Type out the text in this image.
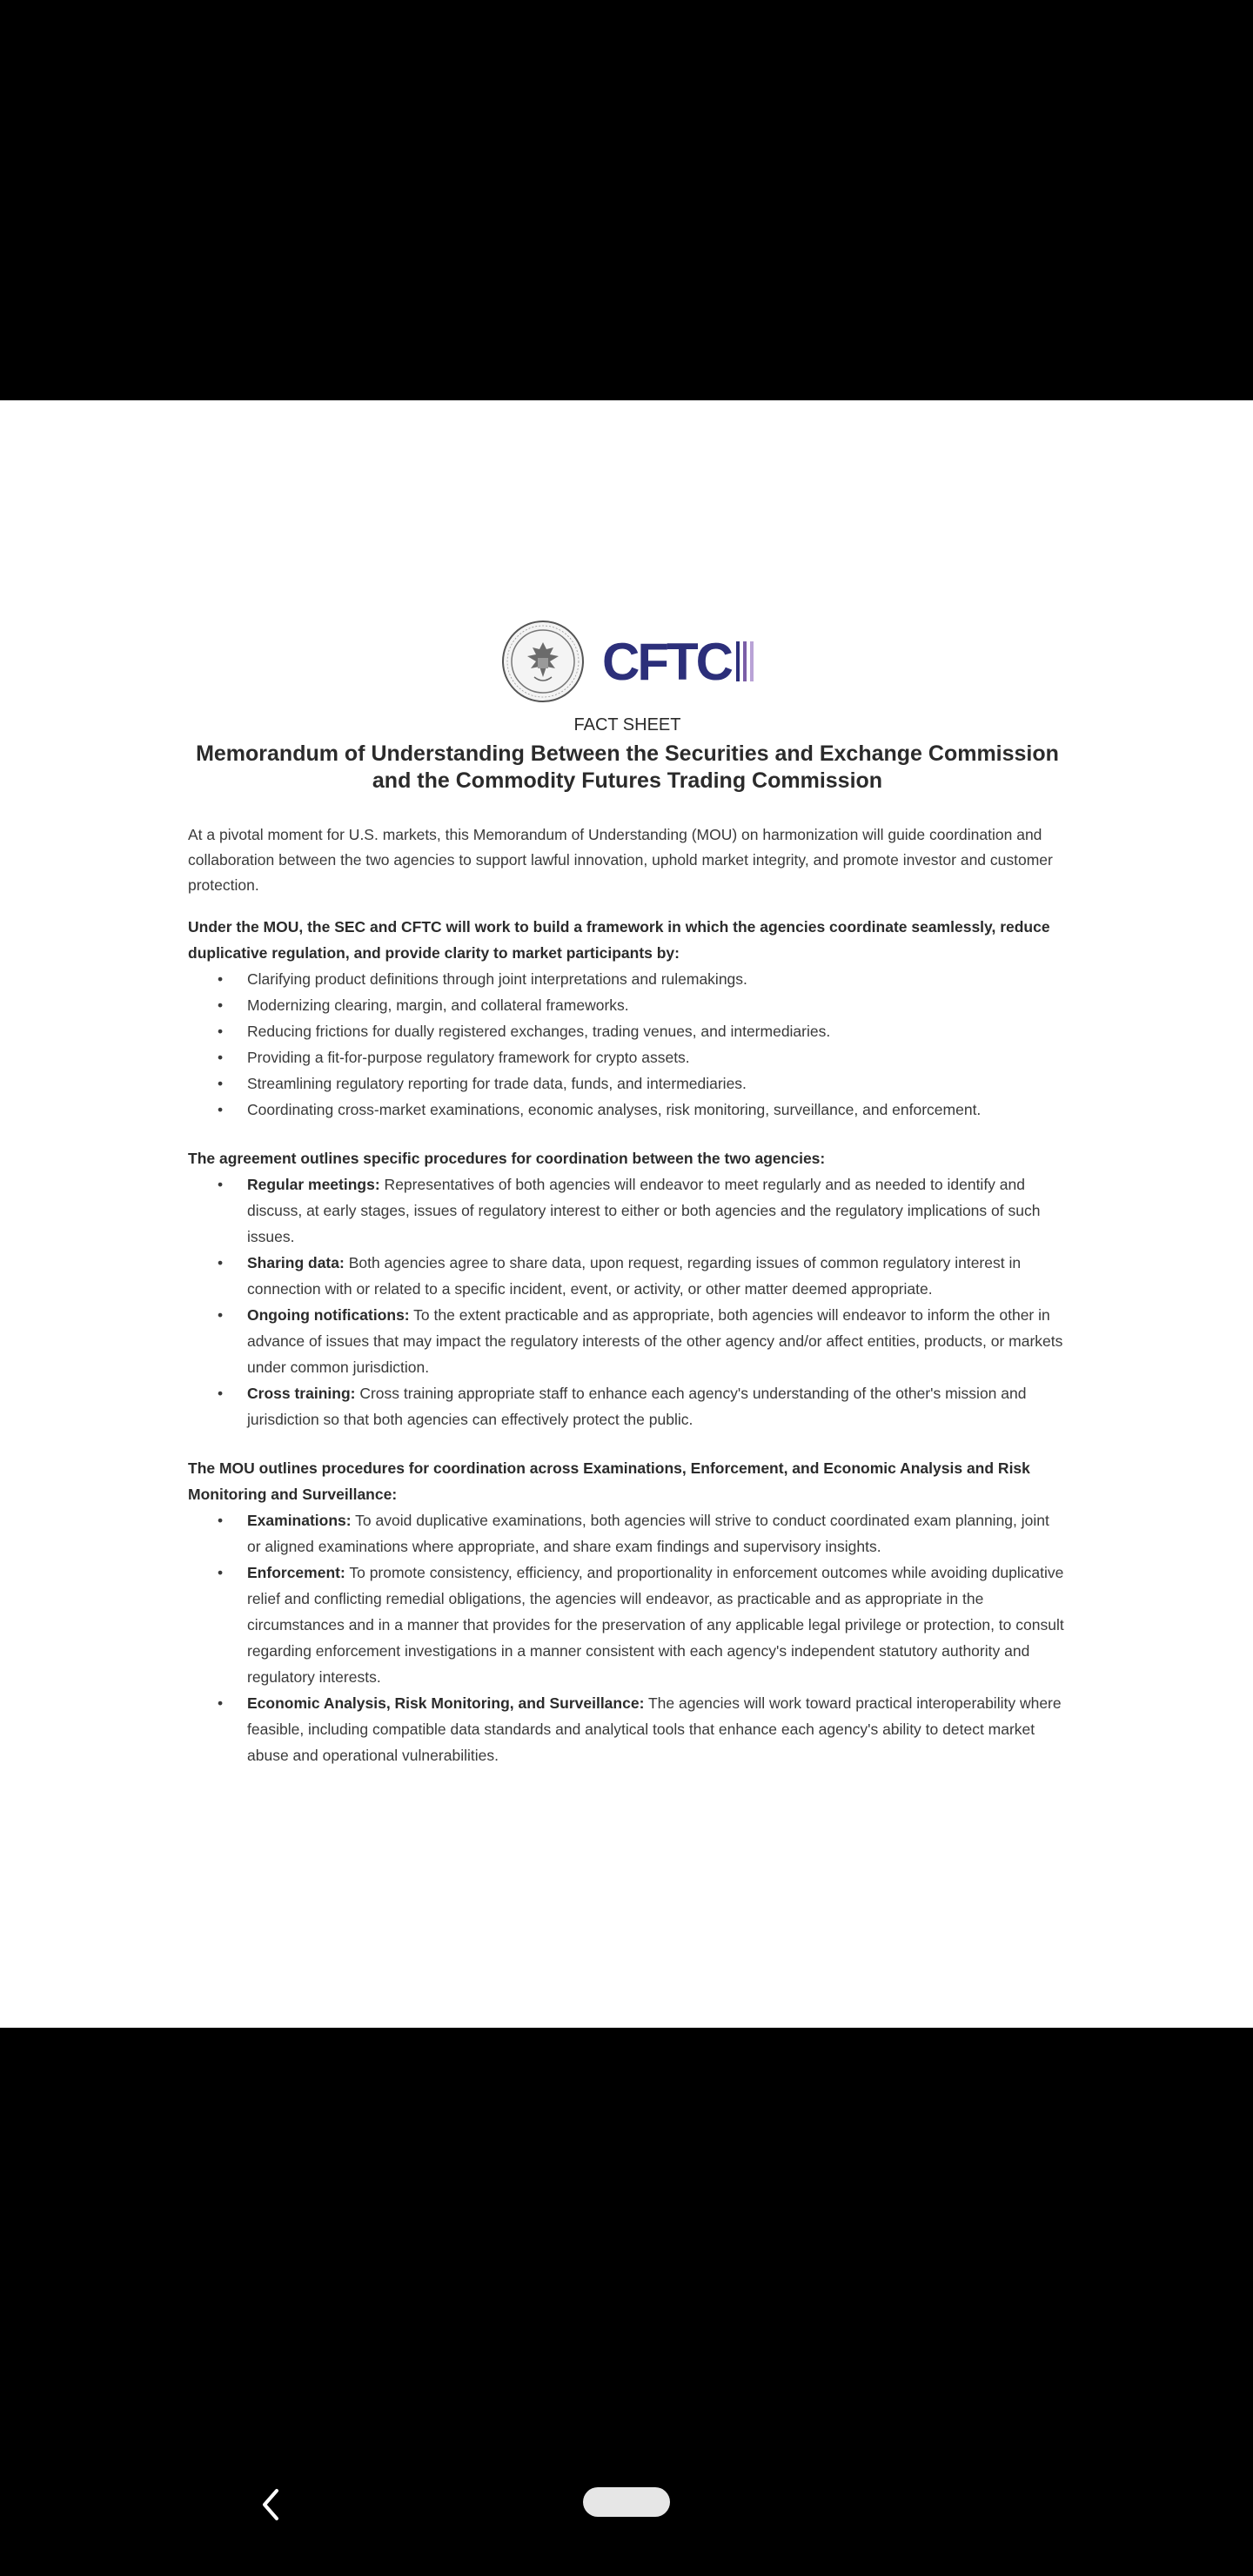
CFTC
FACT SHEET
Memorandum of Understanding Between the Securities and Exchange Commission
and the Commodity Futures Trading Commission
At a pivotal moment for U.S. markets, this Memorandum of Understanding (MOU) on harmonization will guide coordination and collaboration between the two agencies to support lawful innovation, uphold market integrity, and promote investor and customer protection.
Under the MOU, the SEC and CFTC will work to build a framework in which the agencies coordinate seamlessly, reduce duplicative regulation, and provide clarity to market participants by:
• Clarifying product definitions through joint interpretations and rulemakings.
• Modernizing clearing, margin, and collateral frameworks.
• Reducing frictions for dually registered exchanges, trading venues, and intermediaries.
• Providing a fit-for-purpose regulatory framework for crypto assets.
• Streamlining regulatory reporting for trade data, funds, and intermediaries.
• Coordinating cross-market examinations, economic analyses, risk monitoring, surveillance, and enforcement.
The agreement outlines specific procedures for coordination between the two agencies:
• Regular meetings: Representatives of both agencies will endeavor to meet regularly and as needed to identify and discuss, at early stages, issues of regulatory interest to either or both agencies and the regulatory implications of such issues.
• Sharing data: Both agencies agree to share data, upon request, regarding issues of common regulatory interest in connection with or related to a specific incident, event, or activity, or other matter deemed appropriate.
• Ongoing notifications: To the extent practicable and as appropriate, both agencies will endeavor to inform the other in advance of issues that may impact the regulatory interests of the other agency and/or affect entities, products, or markets under common jurisdiction.
• Cross training: Cross training appropriate staff to enhance each agency's understanding of the other's mission and jurisdiction so that both agencies can effectively protect the public.
The MOU outlines procedures for coordination across Examinations, Enforcement, and Economic Analysis and Risk Monitoring and Surveillance:
• Examinations: To avoid duplicative examinations, both agencies will strive to conduct coordinated exam planning, joint or aligned examinations where appropriate, and share exam findings and supervisory insights.
• Enforcement: To promote consistency, efficiency, and proportionality in enforcement outcomes while avoiding duplicative relief and conflicting remedial obligations, the agencies will endeavor, as practicable and as appropriate in the circumstances and in a manner that provides for the preservation of any applicable legal privilege or protection, to consult regarding enforcement investigations in a manner consistent with each agency's independent statutory authority and regulatory interests.
• Economic Analysis, Risk Monitoring, and Surveillance: The agencies will work toward practical interoperability where feasible, including compatible data standards and analytical tools that enhance each agency's ability to detect market abuse and operational vulnerabilities.
